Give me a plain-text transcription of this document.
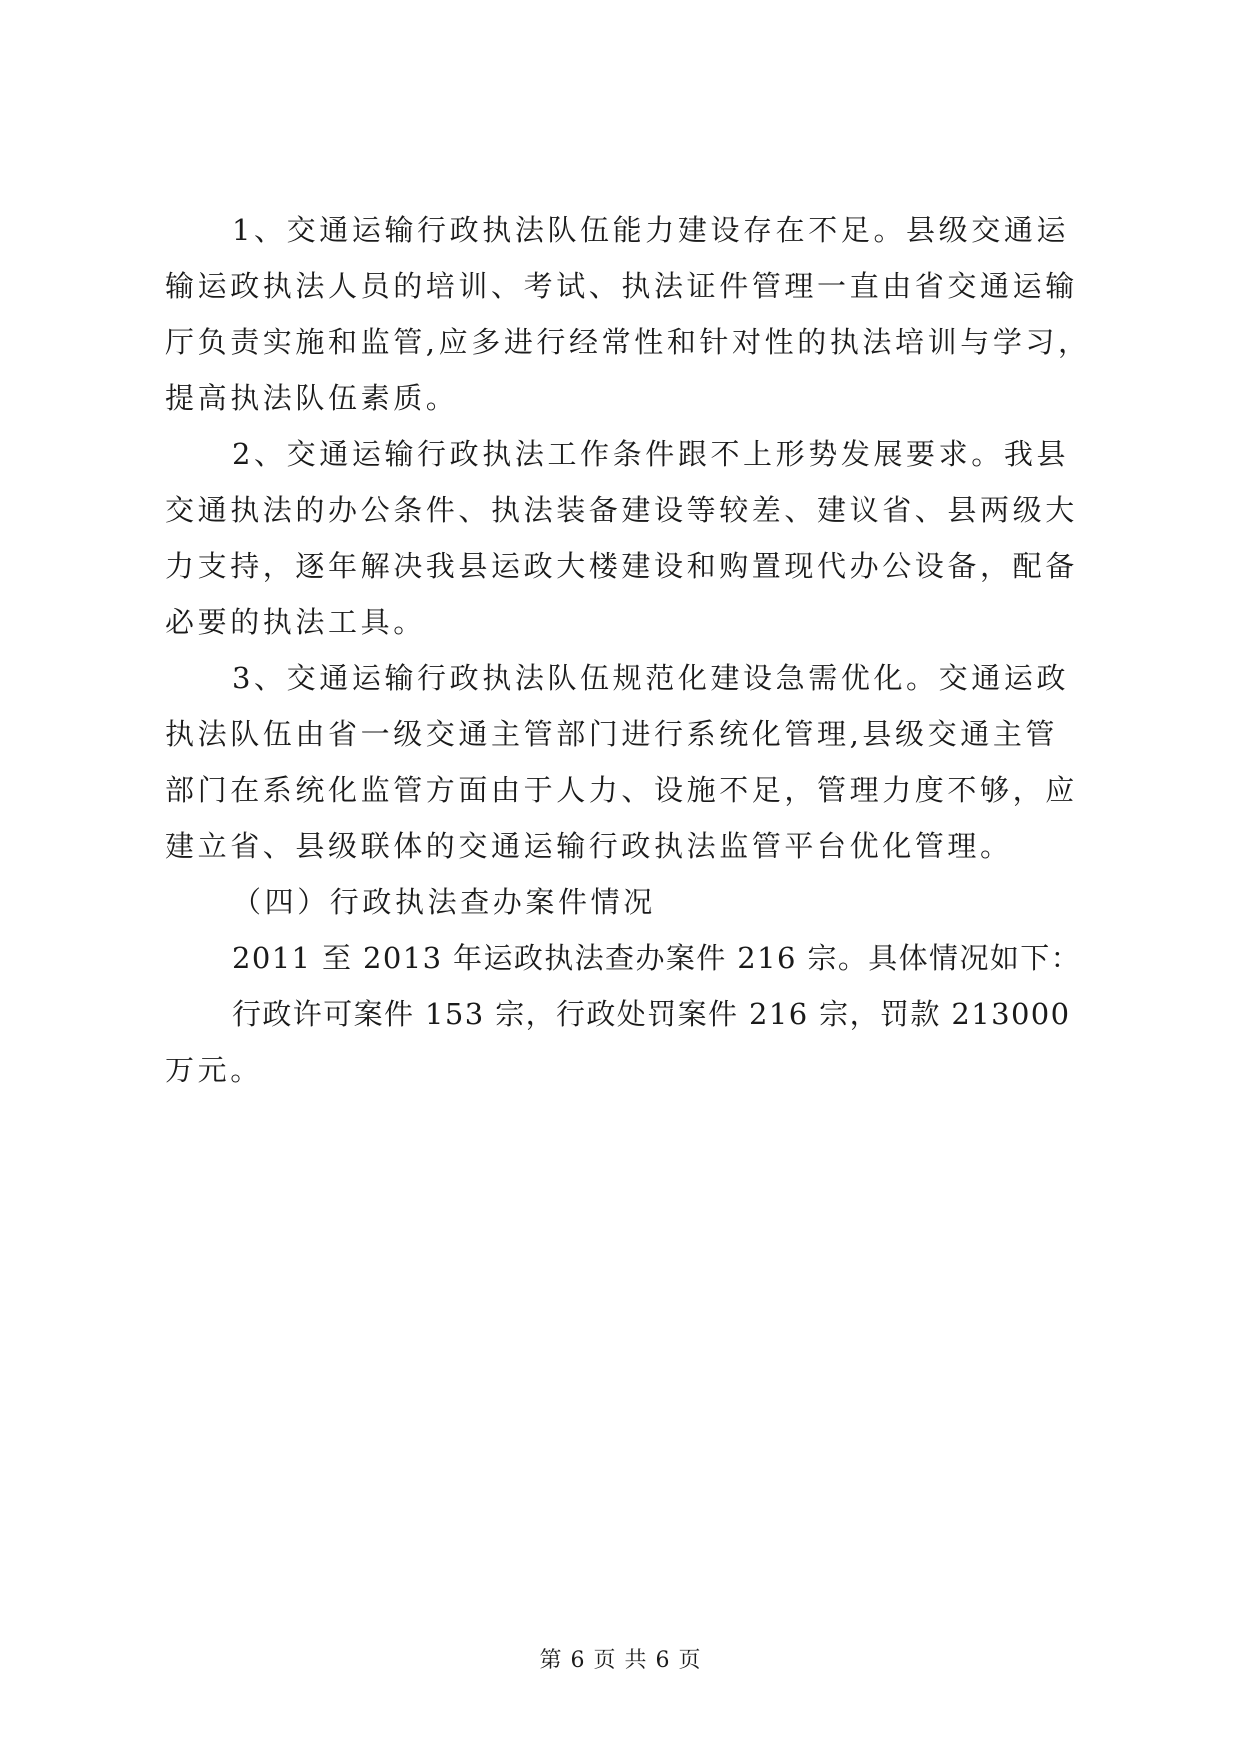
1、交通运输行政执法队伍能力建设存在不足。县级交通运
输运政执法人员的培训、考试、执法证件管理一直由省交通运输
厅负责实施和监管,应多进行经常性和针对性的执法培训与学习，
提高执法队伍素质。
2、交通运输行政执法工作条件跟不上形势发展要求。我县
交通执法的办公条件、执法装备建设等较差、建议省、县两级大
力支持，逐年解决我县运政大楼建设和购置现代办公设备，配备
必要的执法工具。
3、交通运输行政执法队伍规范化建设急需优化。交通运政
执法队伍由省一级交通主管部门进行系统化管理,县级交通主管
部门在系统化监管方面由于人力、设施不足，管理力度不够，应
建立省、县级联体的交通运输行政执法监管平台优化管理。
（四）行政执法查办案件情况
2011 至 2013 年运政执法查办案件 216 宗。具体情况如下：
行政许可案件 153 宗，行政处罚案件 216 宗，罚款 213000
万元。
第 6 页 共 6 页
